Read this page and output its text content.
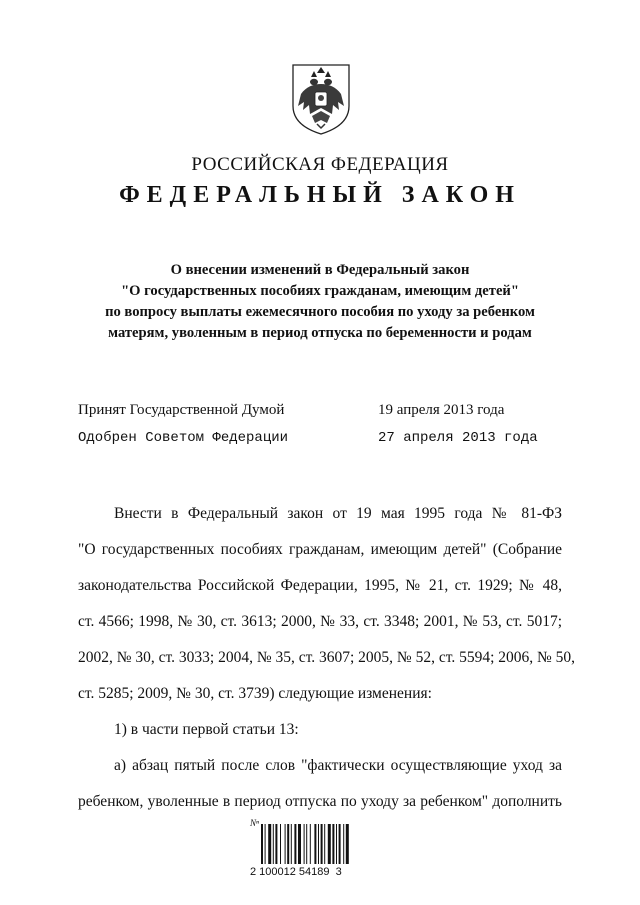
РОССИЙСКАЯ ФЕДЕРАЦИЯ
ФЕДЕРАЛЬНЫЙ ЗАКОН
О внесении изменений в Федеральный закон
"О государственных пособиях гражданам, имеющим детей"
по вопросу выплаты ежемесячного пособия по уходу за ребенком
матерям, уволенным в период отпуска по беременности и родам
Принят Государственной Думой	19 апреля 2013 года
Одобрен Советом Федерации	27 апреля 2013 года
Внести в Федеральный закон от 19 мая 1995 года № 81-ФЗ
"О государственных пособиях гражданам, имеющим детей" (Собрание
законодательства Российской Федерации, 1995, № 21, ст. 1929; № 48,
ст. 4566; 1998, № 30, ст. 3613; 2000, № 33, ст. 3348; 2001, № 53, ст. 5017;
2002, № 30, ст. 3033; 2004, № 35, ст. 3607; 2005, № 52, ст. 5594; 2006, № 50,
ст. 5285; 2009, № 30, ст. 3739) следующие изменения:
1) в части первой статьи 13:
а) абзац пятый после слов "фактически осуществляющие уход за
ребенком, уволенные в период отпуска по уходу за ребенком" дополнить
Nⁿ
2 100012 54189  3
